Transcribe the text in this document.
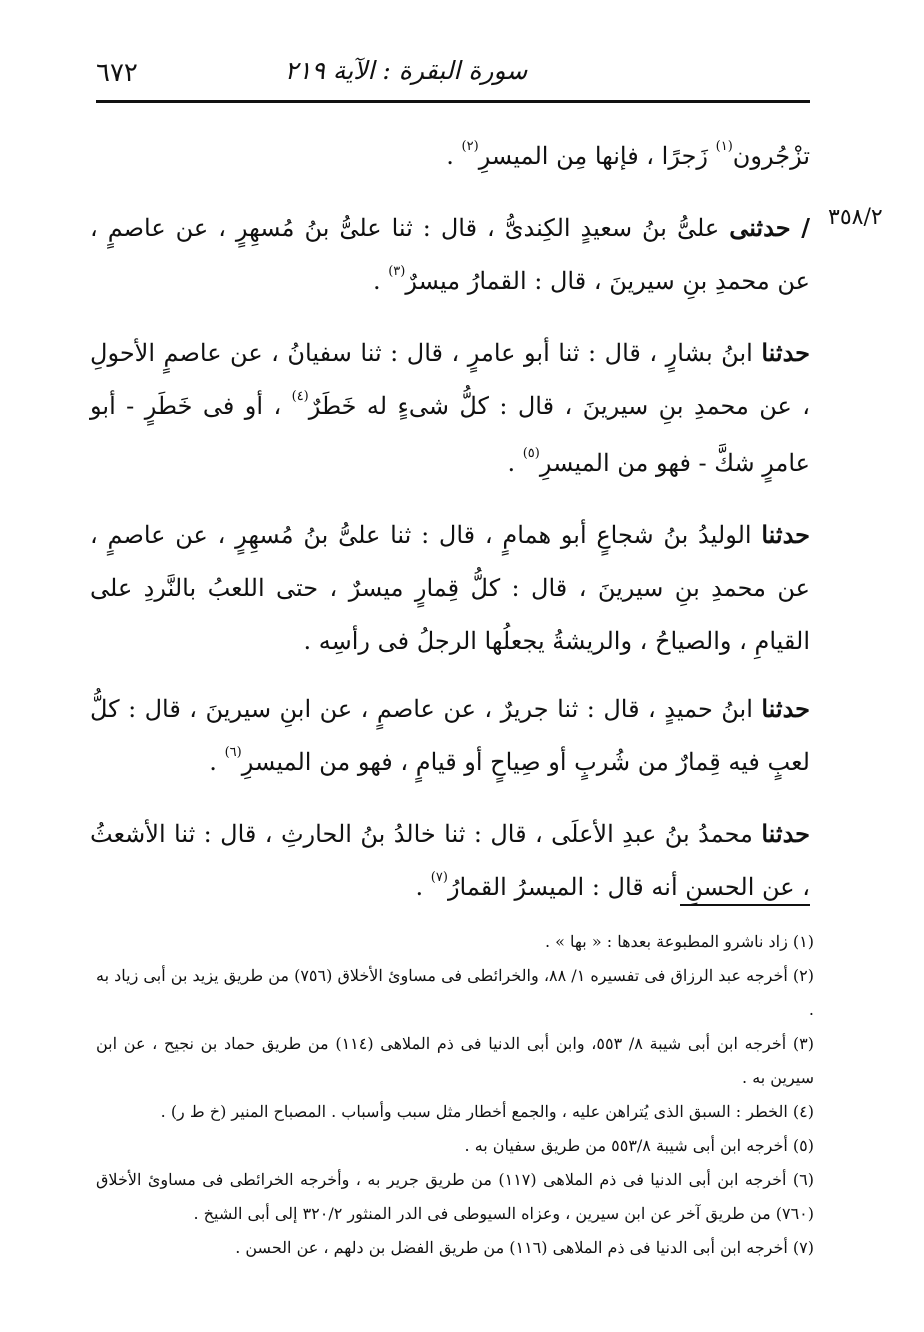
٦٧٢	سورة البقرة : الآية ٢١٩
٣٥٨/٢

تزْجُرون$^{(١)}$ زَجرًا ، فإنها مِن الميسرِ$^{(٢)}$ .

/ حدثنى علىُّ بنُ سعيدٍ الكِندىُّ ، قال : ثنا علىُّ بنُ مُسهِرٍ ، عن عاصمٍ ، عن محمدِ بنِ سيرينَ ، قال : القمارُ ميسرٌ$^{(٣)}$ .

حدثنا ابنُ بشارٍ ، قال : ثنا أبو عامرٍ ، قال : ثنا سفيانُ ، عن عاصمٍ الأحولِ ، عن محمدِ بنِ سيرينَ ، قال : كلُّ شىءٍ له خَطَرٌ$^{(٤)}$ ، أو فى خَطَرٍ - أبو عامرٍ شكَّ - فهو من الميسرِ$^{(٥)}$ .

حدثنا الوليدُ بنُ شجاعٍ أبو همامٍ ، قال : ثنا علىُّ بنُ مُسهِرٍ ، عن عاصمٍ ، عن محمدِ بنِ سيرينَ ، قال : كلُّ قِمارٍ ميسرٌ ، حتى اللعبُ بالنَّردِ على القيامِ ، والصياحُ ، والريشةُ يجعلُها الرجلُ فى رأسِه .

حدثنا ابنُ حميدٍ ، قال : ثنا جريرٌ ، عن عاصمٍ ، عن ابنِ سيرينَ ، قال : كلُّ لعبٍ فيه قِمارٌ من شُربٍ أو صِياحٍ أو قيامٍ ، فهو من الميسرِ$^{(٦)}$ .

حدثنا محمدُ بنُ عبدِ الأعلَى ، قال : ثنا خالدُ بنُ الحارثِ ، قال : ثنا الأشعثُ ، عن الحسنِ أنه قال : الميسرُ القمارُ$^{(٧)}$ .

(١) زاد ناشرو المطبوعة بعدها : « بها » .

(٢) أخرجه عبد الرزاق فى تفسيره ١/ ٨٨، والخرائطى فى مساوئ الأخلاق (٧٥٦) من طريق يزيد بن أبى زياد به .

(٣) أخرجه ابن أبى شيبة ٨/ ٥٥٣، وابن أبى الدنيا فى ذم الملاهى (١١٤) من طريق حماد بن نجيح ، عن ابن سيرين به .

(٤) الخطر : السبق الذى يُتراهن عليه ، والجمع أخطار مثل سبب وأسباب . المصباح المنير (خ ط ر) .

(٥) أخرجه ابن أبى شيبة ٥٥٣/٨ من طريق سفيان به .

(٦) أخرجه ابن أبى الدنيا فى ذم الملاهى (١١٧) من طريق جرير به ، وأخرجه الخرائطى فى مساوئ الأخلاق (٧٦٠) من طريق آخر عن ابن سيرين ، وعزاه السيوطى فى الدر المنثور ٣٢٠/٢ إلى أبى الشيخ .

(٧) أخرجه ابن أبى الدنيا فى ذم الملاهى (١١٦) من طريق الفضل بن دلهم ، عن الحسن .
